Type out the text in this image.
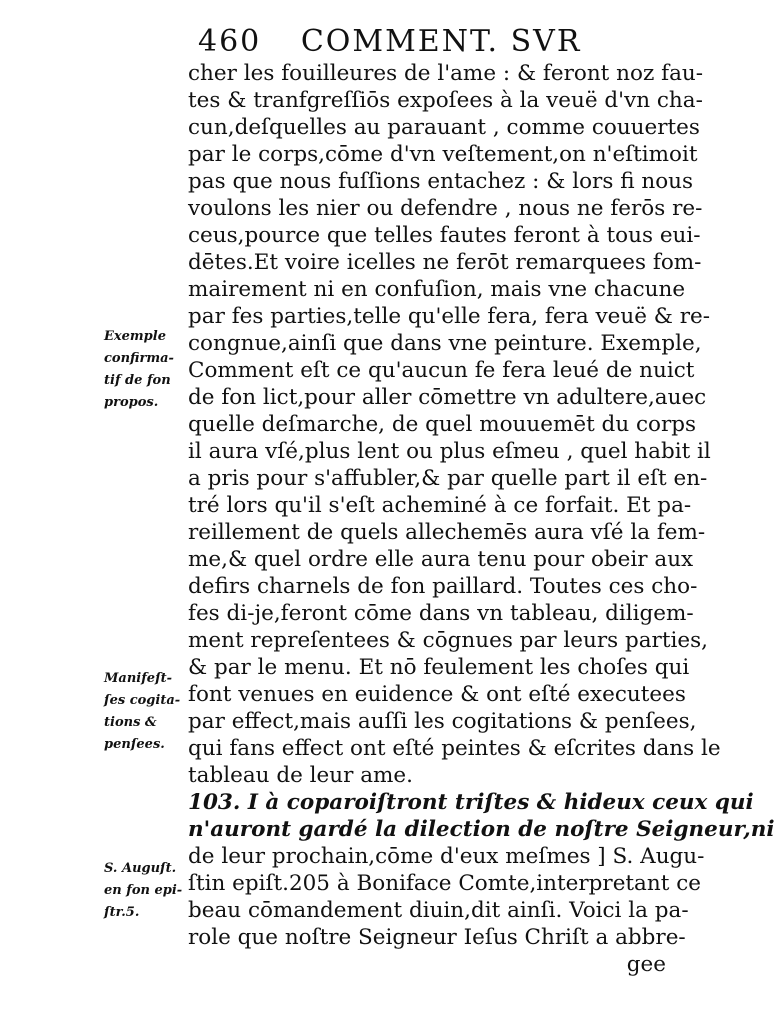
460 COMMENT. SVR
cher les fouilleures de l'ame : & feront noz fau-
tes & tranfgreſſiōs expoſees à la veuë d'vn cha-
cun,deſquelles au parauant , comme couuertes
par le corps,cōme d'vn veſtement,on n'eſtimoit
pas que nous fuſſions entachez : & lors fi nous
voulons les nier ou defendre , nous ne ferōs re-
ceus,pource que telles fautes feront à tous eui-
dētes.Et voire icelles ne ferōt remarquees fom-
mairement ni en confuſion, mais vne chacune
par fes parties,telle qu'elle fera, fera veuë & re-
congnue,ainſi que dans vne peinture. Exemple,
Comment eſt ce qu'aucun fe fera leué de nuict
de fon lict,pour aller cōmettre vn adultere,auec
quelle deſmarche, de quel mouuemēt du corps
il aura vſé,plus lent ou plus eſmeu , quel habit il
a pris pour s'affubler,& par quelle part il eſt en-
tré lors qu'il s'eſt acheminé à ce forfait. Et pa-
reillement de quels allechemēs aura vſé la fem-
me,& quel ordre elle aura tenu pour obeir aux
defirs charnels de fon paillard. Toutes ces cho-
fes di-je,feront cōme dans vn tableau, diligem-
ment repreſentees & cōgnues par leurs parties,
& par le menu. Et nō feulement les choſes qui
font venues en euidence & ont eſté executees
par effect,mais auſſi les cogitations & penſees,
qui fans effect ont eſté peintes & eſcrites dans le
tableau de leur ame.
103. I à coparoiſtront triſtes & hideux ceux qui
n'auront gardé la dilection de noſtre Seigneur,ni
de leur prochain,cōme d'eux meſmes ] S. Augu-
ſtin epiſt.205 à Boniface Comte,interpretant ce
beau cōmandement diuin,dit ainſi. Voici la pa-
role que noſtre Seigneur Ieſus Chriſt a abbre-
gee
Exemple
confirma-
tif de fon
propos.
Manifeſt-
ſes cogita-
tions &
penſees.
S. Auguſt.
en fon epi-
ſtr.5.
